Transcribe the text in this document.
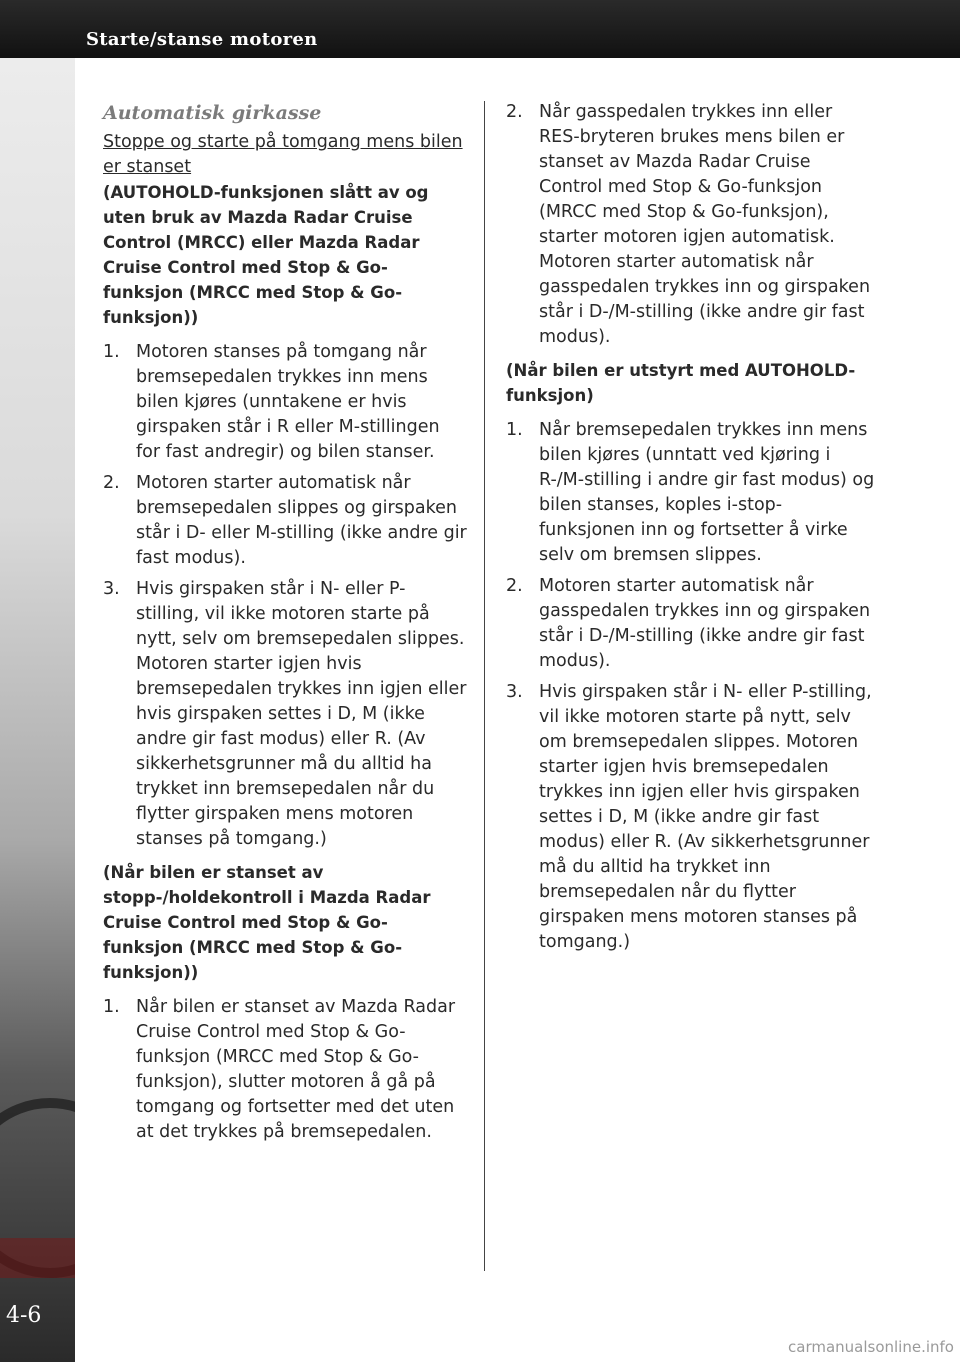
Starte/stanse motoren
4-6
Automatisk girkasse

Stoppe og starte på tomgang mens bilen er stanset

(AUTOHOLD-funksjonen slått av og uten bruk av Mazda Radar Cruise Control (MRCC) eller Mazda Radar Cruise Control med Stop & Go-funksjon (MRCC med Stop & Go-funksjon))

1. Motoren stanses på tomgang når bremsepedalen trykkes inn mens bilen kjøres (unntakene er hvis girspaken står i R eller M-stillingen for fast andregir) og bilen stanser.
2. Motoren starter automatisk når bremsepedalen slippes og girspaken står i D- eller M-stilling (ikke andre gir fast modus).
3. Hvis girspaken står i N- eller P-stilling, vil ikke motoren starte på nytt, selv om bremsepedalen slippes. Motoren starter igjen hvis bremsepedalen trykkes inn igjen eller hvis girspaken settes i D, M (ikke andre gir fast modus) eller R. (Av sikkerhetsgrunner må du alltid ha trykket inn bremsepedalen når du flytter girspaken mens motoren stanses på tomgang.)

(Når bilen er stanset av stopp-/holdekontroll i Mazda Radar Cruise Control med Stop & Go-funksjon (MRCC med Stop & Go-funksjon))

1. Når bilen er stanset av Mazda Radar Cruise Control med Stop & Go-funksjon (MRCC med Stop & Go-funksjon), slutter motoren å gå på tomgang og fortsetter med det uten at det trykkes på bremsepedalen.
2. Når gasspedalen trykkes inn eller RES-bryteren brukes mens bilen er stanset av Mazda Radar Cruise Control med Stop & Go-funksjon (MRCC med Stop & Go-funksjon), starter motoren igjen automatisk. Motoren starter automatisk når gasspedalen trykkes inn og girspaken står i D-/M-stilling (ikke andre gir fast modus).

(Når bilen er utstyrt med AUTOHOLD-funksjon)

1. Når bremsepedalen trykkes inn mens bilen kjøres (unntatt ved kjøring i R-/M-stilling i andre gir fast modus) og bilen stanses, koples i-stop-funksjonen inn og fortsetter å virke selv om bremsen slippes.
2. Motoren starter automatisk når gasspedalen trykkes inn og girspaken står i D-/M-stilling (ikke andre gir fast modus).
3. Hvis girspaken står i N- eller P-stilling, vil ikke motoren starte på nytt, selv om bremsepedalen slippes. Motoren starter igjen hvis bremsepedalen trykkes inn igjen eller hvis girspaken settes i D, M (ikke andre gir fast modus) eller R. (Av sikkerhetsgrunner må du alltid ha trykket inn bremsepedalen når du flytter girspaken mens motoren stanses på tomgang.)
carmanualsonline.info
